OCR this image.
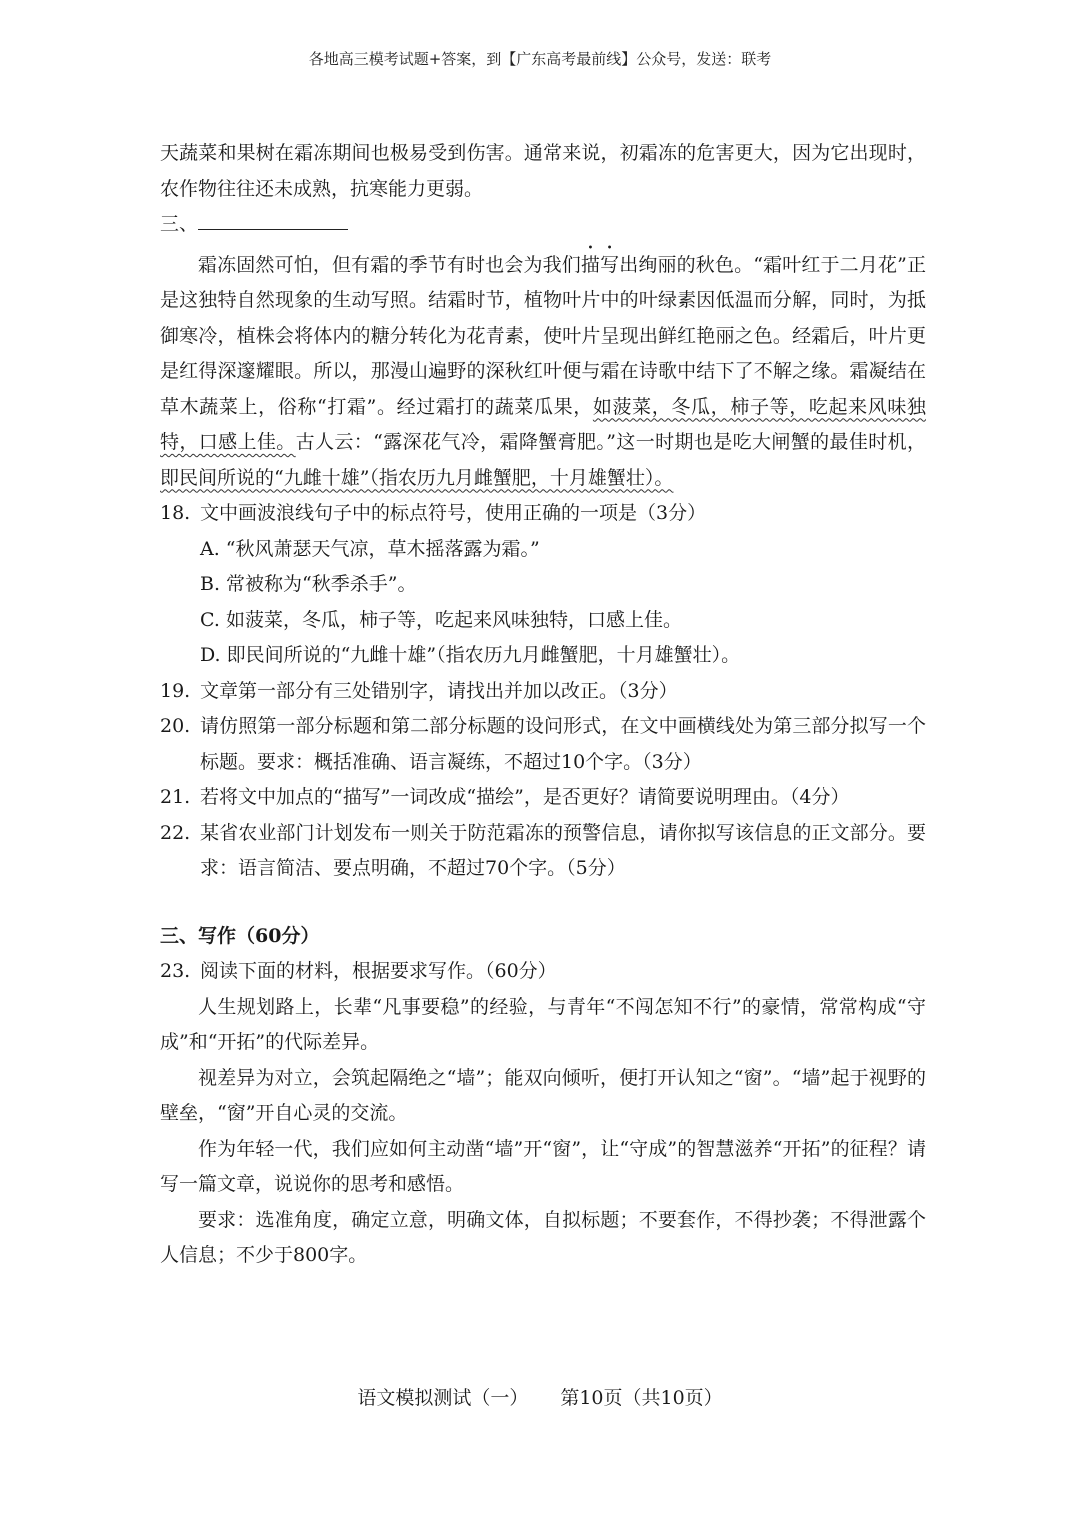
各地高三模考试题+答案，到【广东高考最前线】公众号，发送：联考

天蔬菜和果树在霜冻期间也极易受到伤害。通常来说，初霜冻的危害更大，因为它出现时，农作物往往还未成熟，抗寒能力更弱。

三、

霜冻固然可怕，但有霜的季节有时也会为我们描写出绚丽的秋色。“霜叶红于二月花”正是这独特自然现象的生动写照。结霜时节，植物叶片中的叶绿素因低温而分解，同时，为抵御寒冷，植株会将体内的糖分转化为花青素，使叶片呈现出鲜红艳丽之色。经霜后，叶片更是红得深邃耀眼。所以，那漫山遍野的深秋红叶便与霜在诗歌中结下了不解之缘。霜凝结在草木蔬菜上，俗称“打霜”。经过霜打的蔬菜瓜果，如菠菜，冬瓜，柿子等，吃起来风味独特，口感上佳。古人云：“露深花气冷，霜降蟹膏肥。”这一时期也是吃大闸蟹的最佳时机，即民间所说的“九雌十雄”（指农历九月雌蟹肥，十月雄蟹壮）。

18. 文中画波浪线句子中的标点符号，使用正确的一项是（3分）

A. “秋风萧瑟天气凉，草木摇落露为霜。”

B. 常被称为“秋季杀手”。

C. 如菠菜，冬瓜，柿子等，吃起来风味独特，口感上佳。

D. 即民间所说的“九雌十雄”（指农历九月雌蟹肥，十月雄蟹壮）。

19. 文章第一部分有三处错别字，请找出并加以改正。（3分）
20. 请仿照第一部分标题和第二部分标题的设问形式，在文中画横线处为第三部分拟写一个标题。要求：概括准确、语言凝练，不超过10个字。（3分）
21. 若将文中加点的“描写”一词改成“描绘”，是否更好？请简要说明理由。（4分）
22. 某省农业部门计划发布一则关于防范霜冻的预警信息，请你拟写该信息的正文部分。要求：语言简洁、要点明确，不超过70个字。（5分）

三、写作（60分）

23. 阅读下面的材料，根据要求写作。（60分）

人生规划路上，长辈“凡事要稳”的经验，与青年“不闯怎知不行”的豪情，常常构成“守成”和“开拓”的代际差异。

视差异为对立，会筑起隔绝之“墙”；能双向倾听，便打开认知之“窗”。“墙”起于视野的壁垒，“窗”开自心灵的交流。

作为年轻一代，我们应如何主动凿“墙”开“窗”，让“守成”的智慧滋养“开拓”的征程？请写一篇文章，说说你的思考和感悟。

要求：选准角度，确定立意，明确文体，自拟标题；不要套作，不得抄袭；不得泄露个人信息；不少于800字。

语文模拟测试（一） 第10页（共10页）
